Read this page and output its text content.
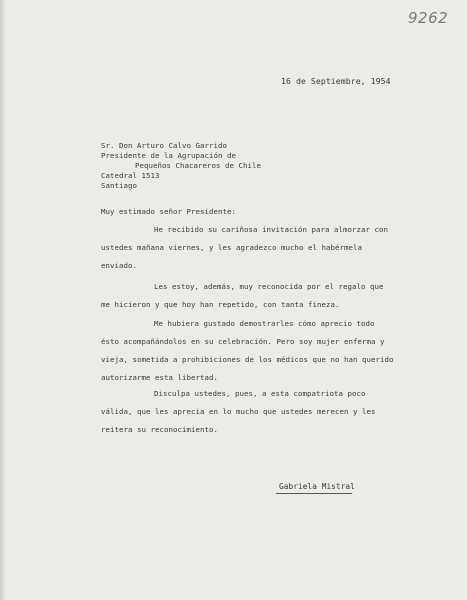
9262
16 de Septiembre, 1954
Sr. Don Arturo Calvo Garrido
Presidente de la Agrupación de
Pequeños Chacareros de Chile
Catedral 1513
Santiago
Muy estimado señor Presidente:
He recibido su cariñosa invitación para almorzar con
ustedes mañana viernes, y les agradezco mucho el habérmela
enviado.
Les estoy, además, muy reconocida por el regalo que
me hicieron y que hoy han repetido, con tanta fineza.
Me hubiera gustado demostrarles cómo aprecio todo
ésto acompañándolos en su celebración. Pero soy mujer enferma y
vieja, sometida a prohibiciones de los médicos que no han querido
autorizarme esta libertad.
Disculpa ustedes, pues, a esta compatriota poco
válida, que les aprecia en lo mucho que ustedes merecen y les
reitera su reconocimiento.
Gabriela Mistral
